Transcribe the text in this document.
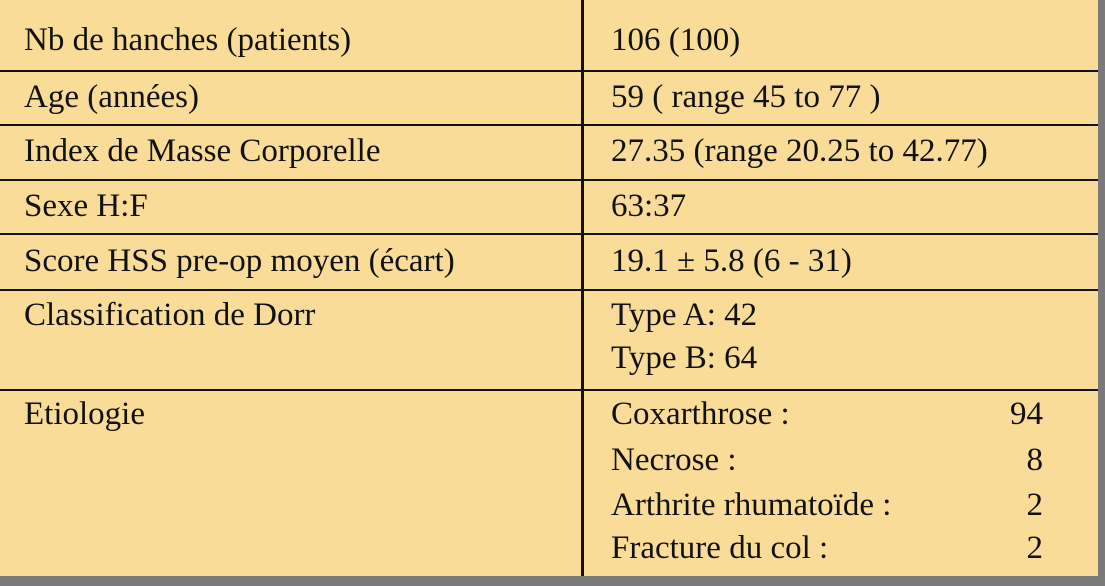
Nb de hanches (patients)	106 (100)
Age (années)	59 ( range 45 to 77 )
Index de Masse Corporelle	27.35 (range 20.25 to 42.77)
Sexe H:F	63:37
Score HSS pre-op moyen (écart)	19.1 ± 5.8 (6 - 31)
Classification de Dorr	Type A: 42
Type B: 64
Etiologie	Coxarthrose :	94
Necrose :	8
Arthrite rhumatoïde :	2
Fracture du col :	2
